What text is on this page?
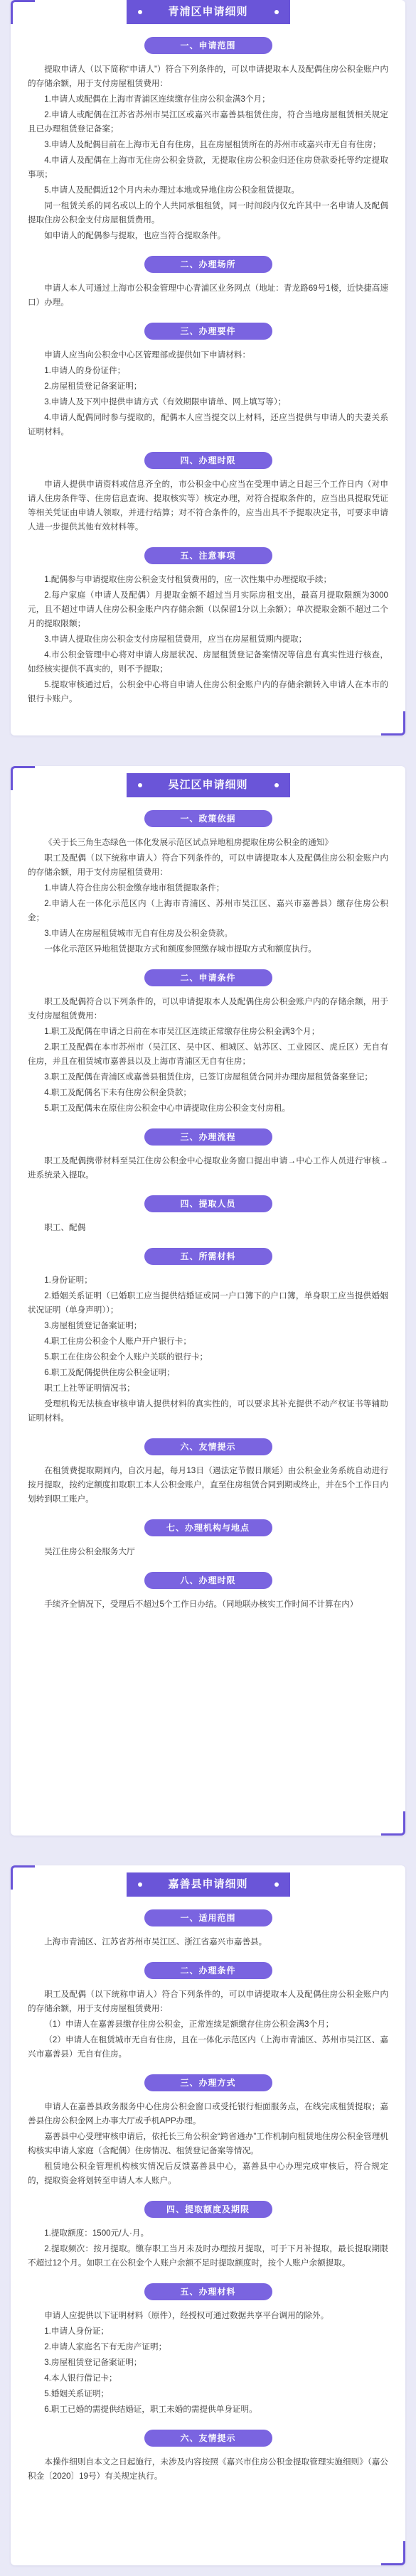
青浦区申请细则
一、申请范围

提取申请人（以下简称“申请人”）符合下列条件的，可以申请提取本人及配偶住房公积金账户内的存储余额，用于支付房屋租赁费用：

1.申请人或配偶在上海市青浦区连续缴存住房公积金满3个月；

2.申请人或配偶在江苏省苏州市吴江区或嘉兴市嘉善县租赁住房，符合当地房屋租赁相关规定且已办理租赁登记备案；

3.申请人及配偶目前在上海市无自有住房，且在房屋租赁所在的苏州市或嘉兴市无自有住房；

4.申请人及配偶在上海市无住房公积金贷款，无提取住房公积金归还住房贷款委托等约定提取事项；

5.申请人及配偶近12个月内未办理过本地或异地住房公积金租赁提取。

同一租赁关系的同名或以上的个人共同承租租赁，同一时间段内仅允许其中一名申请人及配偶提取住房公积金支付房屋租赁费用。

如申请人的配偶参与提取，也应当符合提取条件。

二、办理场所

申请人本人可通过上海市公积金管理中心青浦区业务网点（地址：青龙路69号1楼，近快捷高速口）办理。

三、办理要件

申请人应当向公积金中心区管理部或提供如下申请材料：

1.申请人的身份证件；

2.房屋租赁登记备案证明；

3.申请人及下列中提供申请方式（有效期限申请单、网上填写等）；

4.申请人配偶同时参与提取的，配偶本人应当提交以上材料，还应当提供与申请人的夫妻关系证明材料。

四、办理时限

申请人提供申请资料或信息齐全的，市公积金中心应当在受理申请之日起三个工作日内（对申请人住房条件等、住房信息查询、提取核实等）核定办理，对符合提取条件的，应当出具提取凭证等相关凭证由申请人领取，并进行结算；对不符合条件的，应当出具不予提取决定书，可要求申请人进一步提供其他有效材料等。

五、注意事项

1.配偶参与申请提取住房公积金支付租赁费用的，应一次性集中办理提取手续；

2.每户家庭（申请人及配偶）月提取金额不超过当月实际房租支出，最高月提取限额为3000元，且不超过申请人住房公积金账户内存储余额（以保留1分以上余额）；单次提取金额不超过二个月的提取限额；

3.申请人提取住房公积金支付房屋租赁费用，应当在房屋租赁期内提取；

4.市公积金管理中心将对申请人房屋状况、房屋租赁登记备案情况等信息有真实性进行核查，如经核实提供不真实的，则不予提取；

5.提取审核通过后，公积金中心将自申请人住房公积金账户内的存储余额转入申请人在本市的银行卡账户。

吴江区申请细则
一、政策依据

《关于长三角生态绿色一体化发展示范区试点异地租房提取住房公积金的通知》

职工及配偶（以下统称申请人）符合下列条件的，可以申请提取本人及配偶住房公积金账户内的存储余额，用于支付房屋租赁费用：

1.申请人符合住房公积金缴存地市租赁提取条件；

2.申请人在一体化示范区内（上海市青浦区、苏州市吴江区、嘉兴市嘉善县）缴存住房公积金；

3.申请人在房屋租赁城市无自有住房及公积金贷款。

一体化示范区异地租赁提取方式和额度参照缴存城市提取方式和额度执行。

二、申请条件

职工及配偶符合以下列条件的，可以申请提取本人及配偶住房公积金账户内的存储余额，用于支付房屋租赁费用：

1.职工及配偶在申请之日前在本市吴江区连续正常缴存住房公积金满3个月；

2.职工及配偶在本市苏州市（吴江区、吴中区、相城区、姑苏区、工业园区、虎丘区）无自有住房，并且在租赁城市嘉善县以及上海市青浦区无自有住房；

3.职工及配偶在青浦区或嘉善县租赁住房，已签订房屋租赁合同并办理房屋租赁备案登记；

4.职工及配偶名下未有住房公积金贷款；

5.职工及配偶未在原住房公积金中心申请提取住房公积金支付房租。

三、办理流程

职工及配偶携带材料至吴江住房公积金中心提取业务窗口提出申请→中心工作人员进行审核→进系统录入提取。

四、提取人员

职工、配偶

五、所需材料

1.身份证明；

2.婚姻关系证明（已婚职工应当提供结婚证或同一户口簿下的户口簿，单身职工应当提供婚姻状况证明（单身声明））；

3.房屋租赁登记备案证明；

4.职工住房公积金个人账户开户银行卡；

5.职工在住房公积金个人账户关联的银行卡；

6.职工及配偶提供住房公积金证明；

职工上社等证明情况书；

受理机构无法核查审核申请人提供材料的真实性的，可以要求其补充提供不动产权证书等辅助证明材料。

六、友情提示

在租赁费提取期间内，自次月起，每月13日（遇法定节假日顺延）由公积金业务系统自动进行按月提取，按约定额度扣取职工本人公积金账户，直至住房租赁合同到期或终止，并在5个工作日内划转到职工账户。

七、办理机构与地点

吴江住房公积金服务大厅

八、办理时限

手续齐全情况下，受理后不超过5个工作日办结。（同地联办核实工作时间不计算在内）

嘉善县申请细则
一、适用范围

上海市青浦区、江苏省苏州市吴江区、浙江省嘉兴市嘉善县。

二、办理条件

职工及配偶（以下统称申请人）符合下列条件的，可以申请提取本人及配偶住房公积金账户内的存储余额，用于支付房屋租赁费用：

（1）申请人在嘉善县缴存住房公积金，正常连续足额缴存住房公积金满3个月；

（2）申请人在租赁城市无自有住房，且在一体化示范区内（上海市青浦区、苏州市吴江区、嘉兴市嘉善县）无自有住房。

三、办理方式

申请人在嘉善县政务服务中心住房公积金窗口或受托银行柜面服务点，在线完成租赁提取；嘉善县住房公积金网上办事大厅或手机APP办理。

嘉善县中心受理审核申请后，依托长三角公积金“跨省通办”工作机制向租赁地住房公积金管理机构核实申请人家庭（含配偶）住房情况、租赁登记备案等情况。

租赁地公积金管理机构核实情况后反馈嘉善县中心，嘉善县中心办理完成审核后，符合规定的，提取资金将划转至申请人本人账户。

四、提取额度及期限

1.提取额度：1500元/人·月。

2.提取频次：按月提取。缴存职工当月未及时办理按月提取，可于下月补提取，最长提取期限不超过12个月。如职工在公积金个人账户余额不足时提取额度时，按个人账户余额提取。

五、办理材料

申请人应提供以下证明材料（原件），经授权可通过数据共享平台调用的除外。

1.申请人身份证；

2.申请人家庭名下有无房产证明；

3.房屋租赁登记备案证明；

4.本人银行借记卡；

5.婚姻关系证明；

6.职工已婚的需提供结婚证，职工未婚的需提供单身证明。

六、友情提示

本操作细则自本文之日起施行，未涉及内容按照《嘉兴市住房公积金提取管理实施细则》（嘉公积金〔2020〕19号）有关规定执行。
